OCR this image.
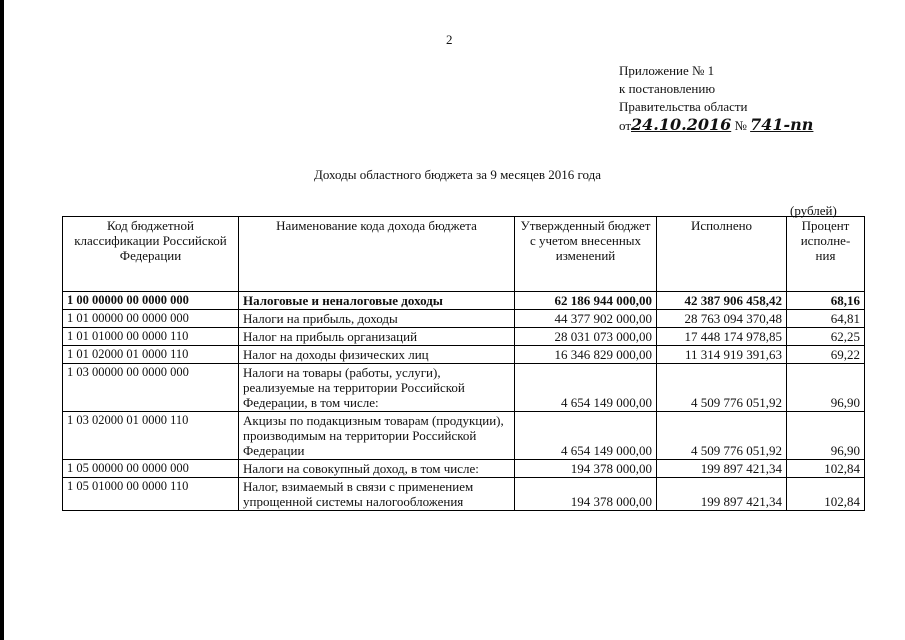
2
Приложение № 1
к постановлению
Правительства области
от24.10.2016 № 741-пп
Доходы областного бюджета за 9 месяцев 2016 года
(рублей)
Код бюджетной классификации Российской Федерации	Наименование кода дохода бюджета	Утвержденный бюджет с учетом внесенных изменений	Исполнено	Процент исполне-ния
1 00 00000 00 0000 000	Налоговые и неналоговые доходы	62 186 944 000,00	42 387 906 458,42	68,16
1 01 00000 00 0000 000	Налоги на прибыль, доходы	44 377 902 000,00	28 763 094 370,48	64,81
1 01 01000 00 0000 110	Налог на прибыль организаций	28 031 073 000,00	17 448 174 978,85	62,25
1 01 02000 01 0000 110	Налог на доходы физических лиц	16 346 829 000,00	11 314 919 391,63	69,22
1 03 00000 00 0000 000	Налоги на товары (работы, услуги), реализуемые на территории Российской Федерации, в том числе:	4 654 149 000,00	4 509 776 051,92	96,90
1 03 02000 01 0000 110	Акцизы по подакцизным товарам (продукции), производимым на территории Российской Федерации	4 654 149 000,00	4 509 776 051,92	96,90
1 05 00000 00 0000 000	Налоги на совокупный доход, в том числе:	194 378 000,00	199 897 421,34	102,84
1 05 01000 00 0000 110	Налог, взимаемый в связи с применением упрощенной системы налогообложения	194 378 000,00	199 897 421,34	102,84
